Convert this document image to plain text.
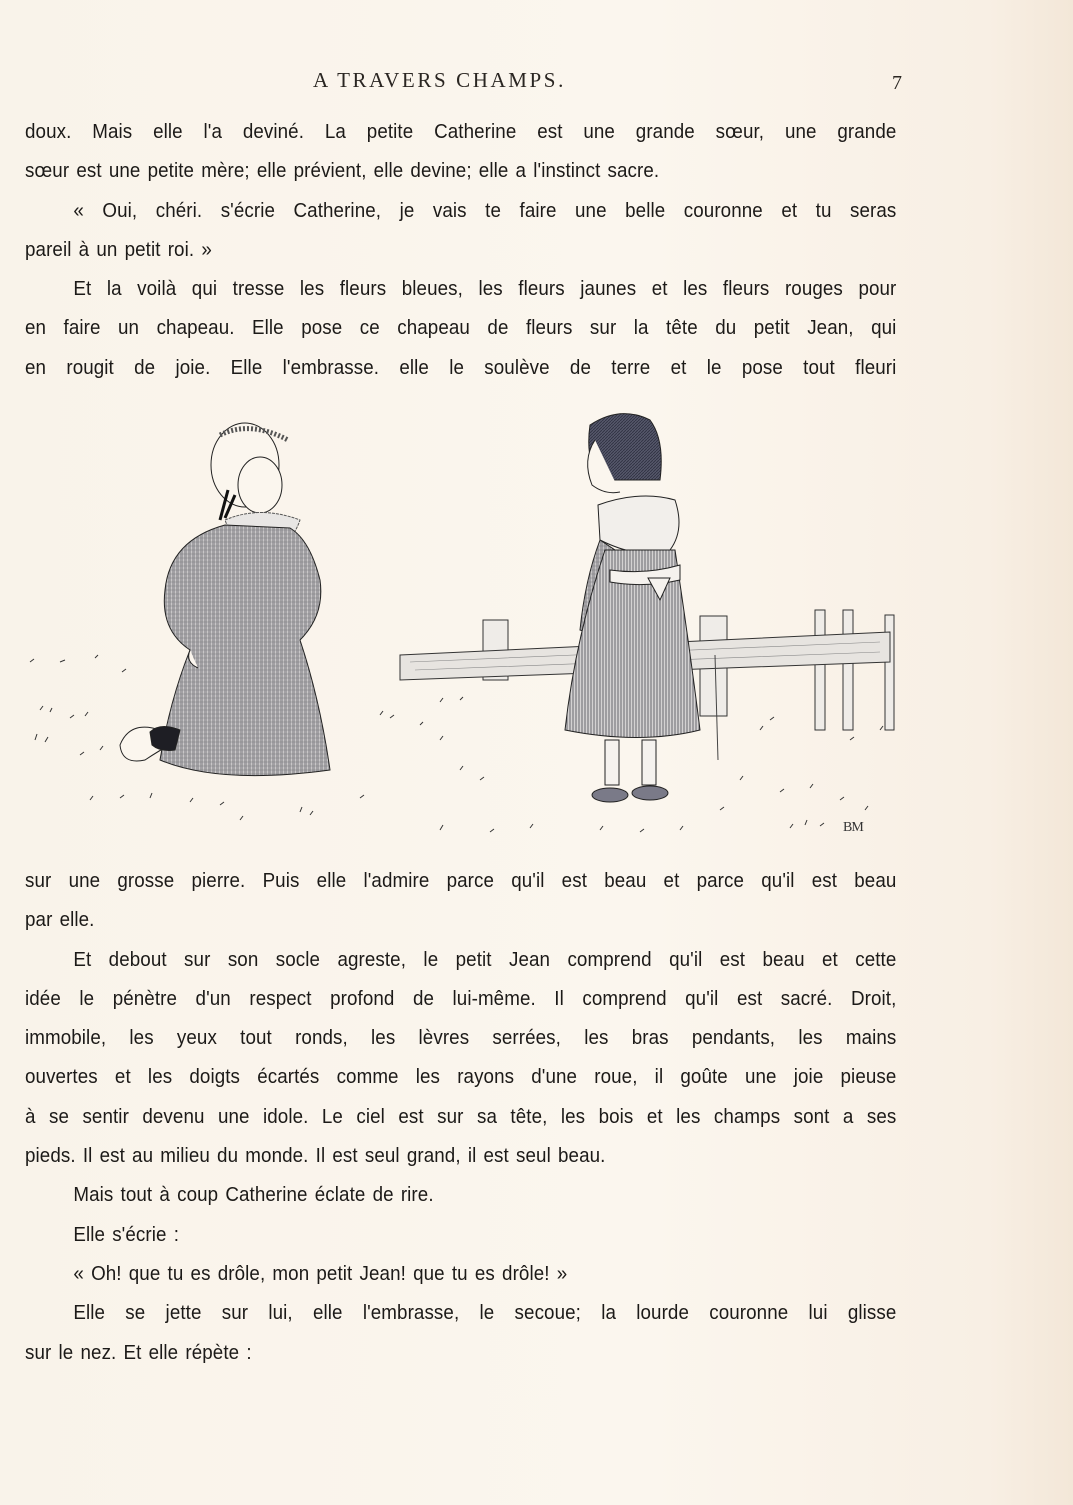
A TRAVERS CHAMPS.	7
doux. Mais elle l'a deviné. La petite Catherine est une grande sœur, une grande
sœur est une petite mère; elle prévient, elle devine; elle a l'instinct sacre.
« Oui, chéri. s'écrie Catherine, je vais te faire une belle couronne et tu seras
pareil à un petit roi. »
Et la voilà qui tresse les fleurs bleues, les fleurs jaunes et les fleurs rouges pour
en faire un chapeau. Elle pose ce chapeau de fleurs sur la tête du petit Jean, qui
en rougit de joie. Elle l'embrasse. elle le soulève de terre et le pose tout fleuri
BM
sur une grosse pierre. Puis elle l'admire parce qu'il est beau et parce qu'il est beau
par elle.
Et debout sur son socle agreste, le petit Jean comprend qu'il est beau et cette
idée le pénètre d'un respect profond de lui-même. Il comprend qu'il est sacré. Droit,
immobile, les yeux tout ronds, les lèvres serrées, les bras pendants, les mains
ouvertes et les doigts écartés comme les rayons d'une roue, il goûte une joie pieuse
à se sentir devenu une idole. Le ciel est sur sa tête, les bois et les champs sont a ses
pieds. Il est au milieu du monde. Il est seul grand, il est seul beau.
Mais tout à coup Catherine éclate de rire.
Elle s'écrie :
« Oh! que tu es drôle, mon petit Jean! que tu es drôle! »
Elle se jette sur lui, elle l'embrasse, le secoue; la lourde couronne lui glisse
sur le nez. Et elle répète :
